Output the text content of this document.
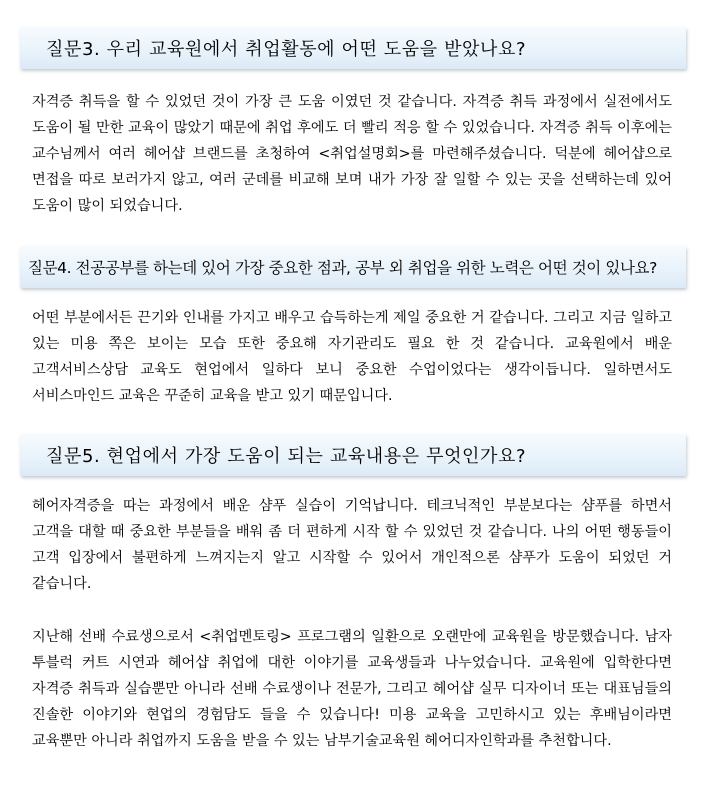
질문3. 우리 교육원에서 취업활동에 어떤 도움을 받았나요?

자격증 취득을 할 수 있었던 것이 가장 큰 도움 이였던 것 같습니다. 자격증 취득 과정에서 실전에서도 도움이 될 만한 교육이 많았기 때문에 취업 후에도 더 빨리 적응 할 수 있었습니다. 자격증 취득 이후에는 교수님께서 여러 헤어샵 브랜드를 초청하여 <취업설명회>를 마련해주셨습니다. 덕분에 헤어샵으로 면접을 따로 보러가지 않고, 여러 군데를 비교해 보며 내가 가장 잘 일할 수 있는 곳을 선택하는데 있어 도움이 많이 되었습니다.

질문4. 전공공부를 하는데 있어 가장 중요한 점과, 공부 외 취업을 위한 노력은 어떤 것이 있나요?

어떤 부분에서든 끈기와 인내를 가지고 배우고 습득하는게 제일 중요한 거 같습니다. 그리고 지금 일하고 있는 미용 쪽은 보이는 모습 또한 중요해 자기관리도 필요 한 것 같습니다. 교육원에서 배운 고객서비스상담 교육도 현업에서 일하다 보니 중요한 수업이었다는 생각이듭니다. 일하면서도 서비스마인드 교육은 꾸준히 교육을 받고 있기 때문입니다.

질문5. 현업에서 가장 도움이 되는 교육내용은 무엇인가요?

헤어자격증을 따는 과정에서 배운 샴푸 실습이 기억납니다. 테크닉적인 부분보다는 샴푸를 하면서 고객을 대할 때 중요한 부분들을 배워 좀 더 편하게 시작 할 수 있었던 것 같습니다. 나의 어떤 행동들이 고객 입장에서 불편하게 느껴지는지 알고 시작할 수 있어서 개인적으론 샴푸가 도움이 되었던 거 같습니다.

지난해 선배 수료생으로서 <취업멘토링> 프로그램의 일환으로 오랜만에 교육원을 방문했습니다. 남자 투블럭 커트 시연과 헤어샵 취업에 대한 이야기를 교육생들과 나누었습니다. 교육원에 입학한다면 자격증 취득과 실습뿐만 아니라 선배 수료생이나 전문가, 그리고 헤어샵 실무 디자이너 또는 대표님들의 진솔한 이야기와 현업의 경험담도 들을 수 있습니다! 미용 교육을 고민하시고 있는 후배님이라면 교육뿐만 아니라 취업까지 도움을 받을 수 있는 남부기술교육원 헤어디자인학과를 추천합니다.
